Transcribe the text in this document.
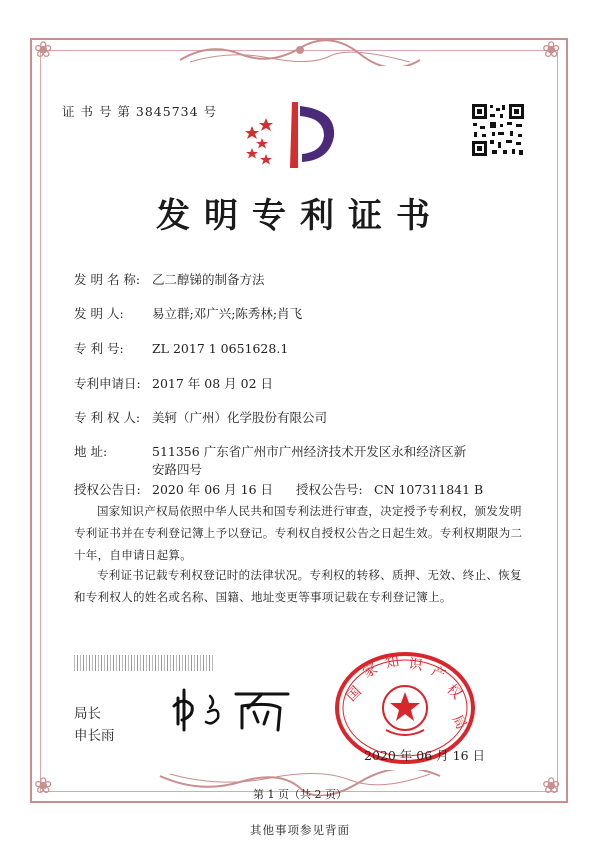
❀	❀
❀	❀
证 书 号 第 3845734 号
发明专利证书
发 明 名 称: 乙二醇锑的制备方法
发 明 人: 易立群;邓广兴;陈秀林;肖飞
专 利 号: ZL 2017 1 0651628.1
专利申请日: 2017 年 08 月 02 日
专 利 权 人: 美轲（广州）化学股份有限公司
地 址:	511356 广东省广州市广州经济技术开发区永和经济区新
安路四号
授权公告日: 2020 年 06 月 16 日 授权公告号: CN 107311841 B
国家知识产权局依照中华人民共和国专利法进行审查，决定授予专利权，颁发发明专利证书并在专利登记簿上予以登记。专利权自授权公告之日起生效。专利权期限为二十年，自申请日起算。
专利证书记载专利权登记时的法律状况。专利权的转移、质押、无效、终止、恢复和专利权人的姓名或名称、国籍、地址变更等事项记载在专利登记簿上。
局长
申长雨
国
家 知 识 产
权
局
2020 年 06 月 16 日
第 1 页（共 2 页）
其他事项参见背面
